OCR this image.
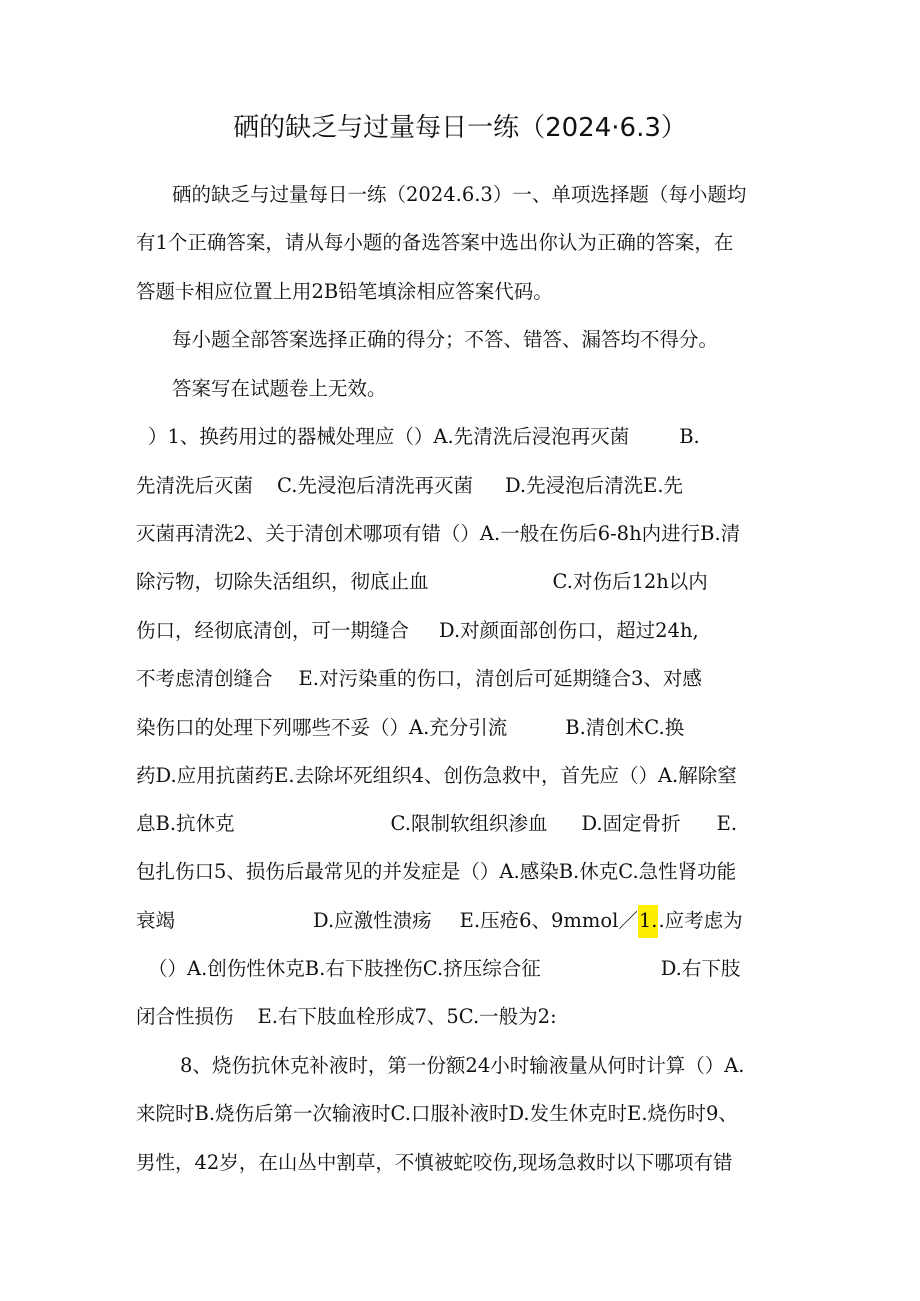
硒的缺乏与过量每日一练（2024·6.3）
硒的缺乏与过量每日一练（2024.6.3）一、单项选择题（每小题均
有1个正确答案，请从每小题的备选答案中选出你认为正确的答案，在
答题卡相应位置上用2B铅笔填涂相应答案代码。
每小题全部答案选择正确的得分；不答、错答、漏答均不得分。
答案写在试题卷上无效。
）1、换药用过的器械处理应（）A.先清洗后浸泡再灭菌	B.
先清洗后灭菌 C.先浸泡后清洗再灭菌 D.先浸泡后清洗E.先
灭菌再清洗2、关于清创术哪项有错（）A.一般在伤后6-8h内进行B.清
除污物，切除失活组织，彻底止血	C.对伤后12h以内
伤口，经彻底清创，可一期缝合 D.对颜面部创伤口，超过24h,
不考虑清创缝合 E.对污染重的伤口，清创后可延期缝合3、对感
染伤口的处理下列哪些不妥（）A.充分引流	B.清创术C.换
药D.应用抗菌药E.去除坏死组织4、创伤急救中，首先应（）A.解除窒
息B.抗休克	C.限制软组织渗血 D.固定骨折 E.
包扎伤口5、损伤后最常见的并发症是（）A.感染B.休克C.急性肾功能
衰竭	D.应激性溃疡 E.压疮6、9mmol／1..应考虑为
（）A.创伤性休克B.右下肢挫伤C.挤压综合征	D.右下肢
闭合性损伤 E.右下肢血栓形成7、5C.一般为2:
8、烧伤抗休克补液时，第一份额24小时输液量从何时计算（）A.
来院时B.烧伤后第一次输液时C.口服补液时D.发生休克时E.烧伤时9、
男性，42岁，在山丛中割草，不慎被蛇咬伤,现场急救时以下哪项有错
